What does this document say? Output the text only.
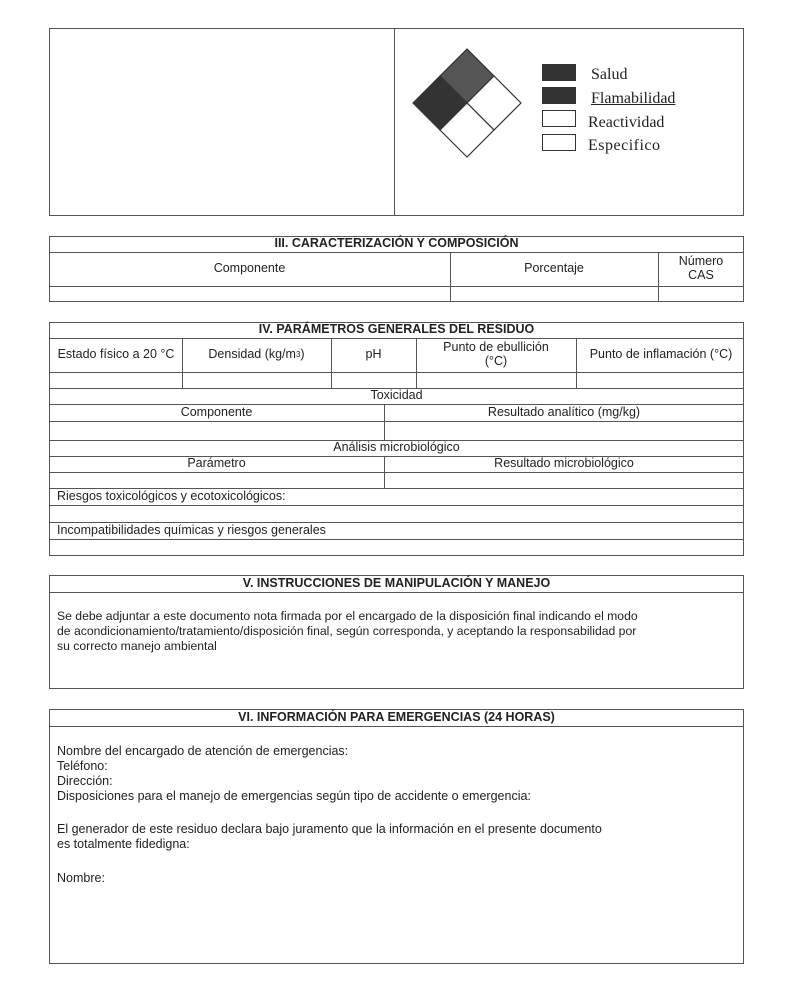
Salud
Flamabilidad
Reactividad
Especifico
III. CARACTERIZACIÓN Y COMPOSICIÓN
Componente	Porcentaje	Número CAS
IV. PARÁMETROS GENERALES DEL RESIDUO
Estado físico a 20 °C	Densidad (kg/m 3 )	pH	Punto de ebullición (°C)	Punto de inflamación (°C)
Toxicidad
Componente	Resultado analítico (mg/kg)
Análisis microbiológico
Parámetro	Resultado microbiológico
Riesgos toxicológicos y ecotoxicológicos:
Incompatibilidades químicas y riesgos generales
V. INSTRUCCIONES DE MANIPULACIÓN Y MANEJO
Se debe adjuntar a este documento nota firmada por el encargado de la disposición final indicando el modo
de acondicionamiento/tratamiento/disposición final, según corresponda, y aceptando la responsabilidad por
su correcto manejo ambiental
VI. INFORMACIÓN PARA EMERGENCIAS (24 HORAS)
Nombre del encargado de atención de emergencias:
Teléfono:
Dirección:
Disposiciones para el manejo de emergencias según tipo de accidente o emergencia:
El generador de este residuo declara bajo juramento que la información en el presente documento
es totalmente fidedigna:
Nombre:
